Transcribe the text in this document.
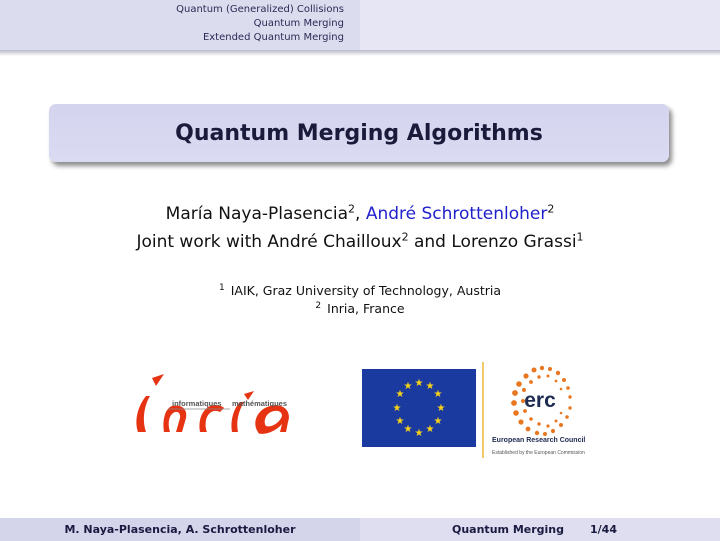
Quantum (Generalized) Collisions
Quantum Merging
Extended Quantum Merging
Quantum Merging Algorithms
María Naya-Plasencia$^2$, André Schrottenloher$^2$
Joint work with André Chailloux$^2$ and Lorenzo Grassi$^1$
$^1$ IAIK, Graz University of Technology, Austria
$^2$ Inria, France
informatiques mathématiques
★ ★
★
★
★
★
★
★
★
★
★
★
erc
European Research Council
Established by the European Commission
M. Naya-Plasencia, A. Schrottenloher	Quantum Merging 1/44
